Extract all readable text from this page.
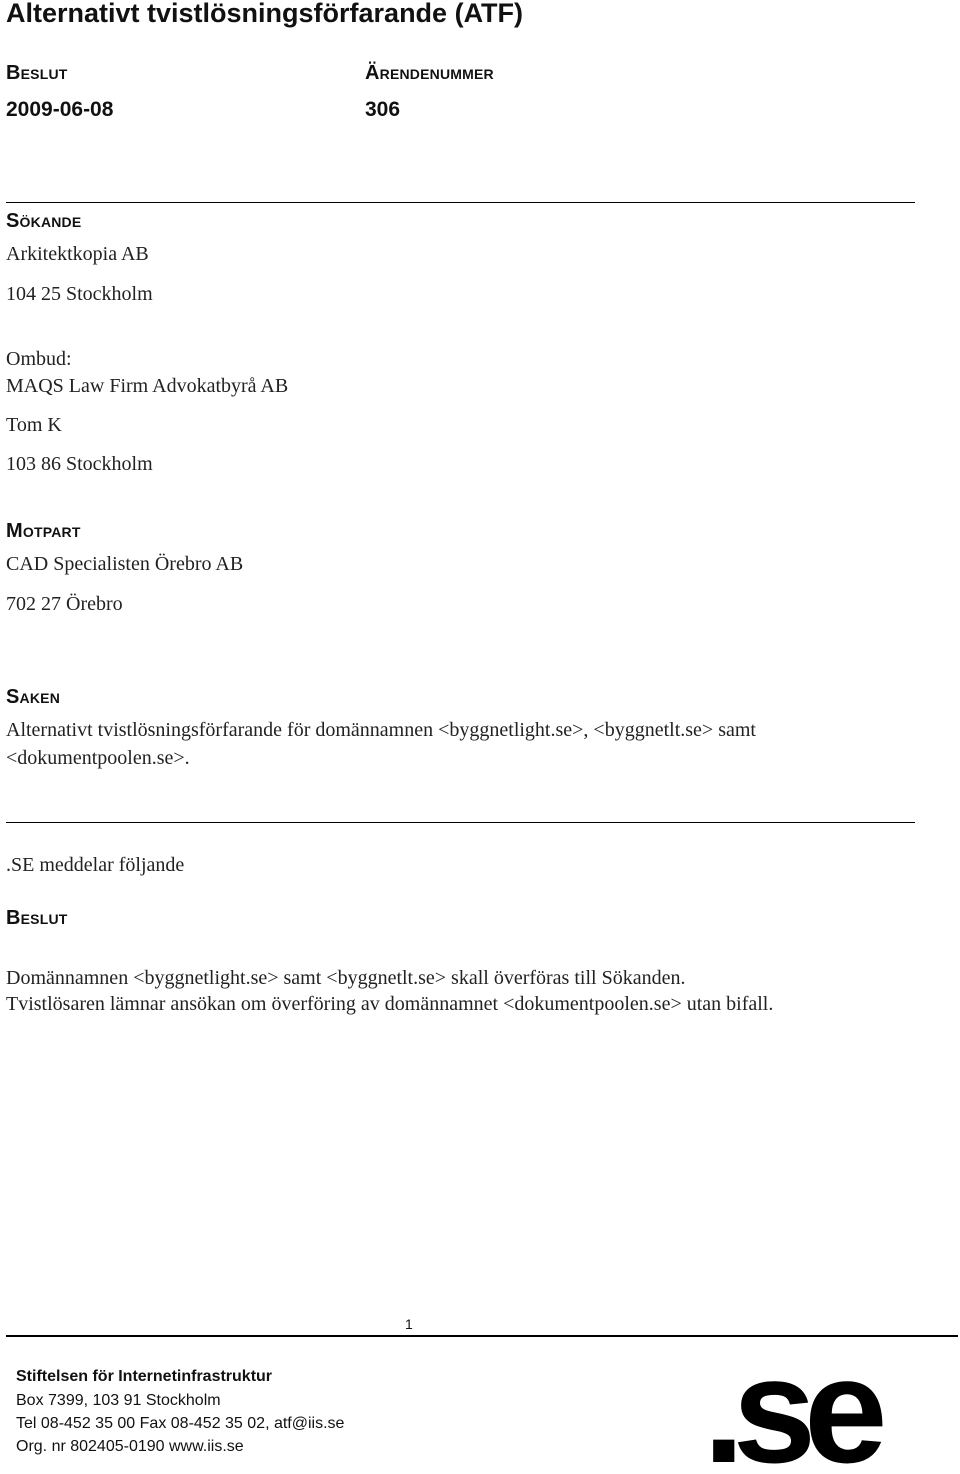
Alternativt tvistlösningsförfarande (ATF)
Beslut
2009-06-08
Ärendenummer
306
Sökande
Arkitektkopia AB
104 25 Stockholm
Ombud:
MAQS Law Firm Advokatbyrå AB
Tom K
103 86 Stockholm
Motpart
CAD Specialisten Örebro AB
702 27 Örebro
Saken
Alternativt tvistlösningsförfarande för domännamnen <byggnetlight.se>, <byggnetlt.se> samt
<dokumentpoolen.se>.
.SE meddelar följande
Beslut
Domännamnen <byggnetlight.se> samt <byggnetlt.se> skall överföras till Sökanden.
Tvistlösaren lämnar ansökan om överföring av domännamnet <dokumentpoolen.se> utan bifall.
1
Stiftelsen för Internetinfrastruktur
Box 7399, 103 91 Stockholm
Tel 08-452 35 00 Fax 08-452 35 02, atf@iis.se
Org. nr 802405-0190 www.iis.se	.se
